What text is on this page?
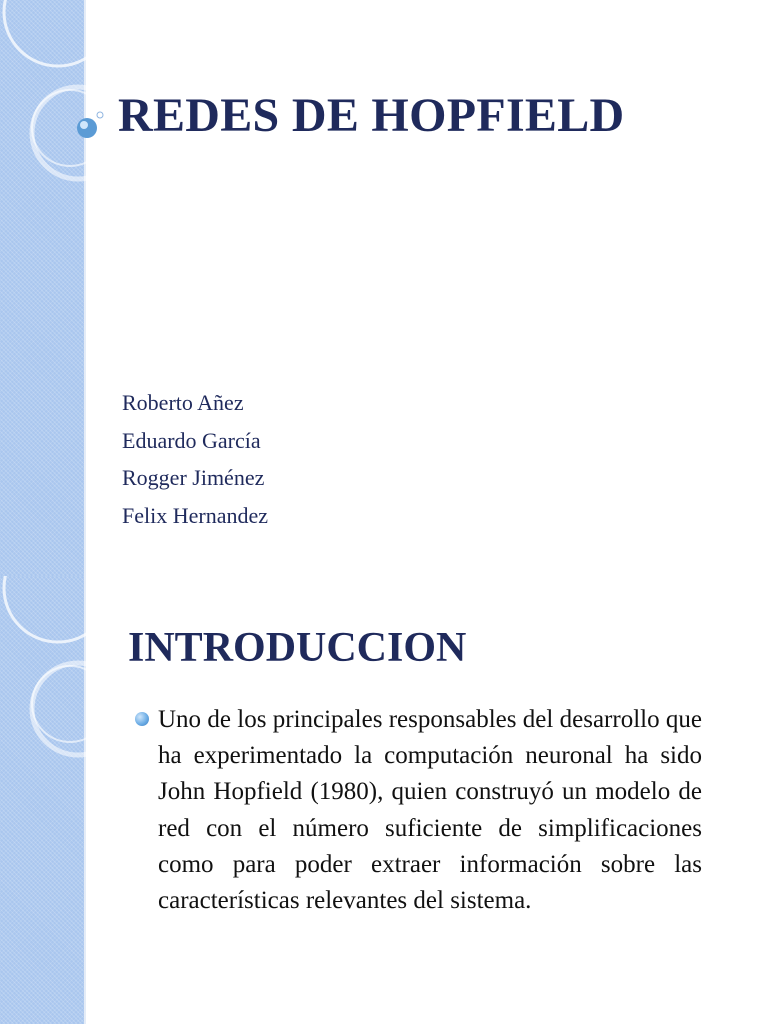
REDES DE HOPFIELD
Roberto Añez
Eduardo García
Rogger Jiménez
Felix Hernandez
INTRODUCCION

Uno de los principales responsables del desarrollo que ha experimentado la computación neuronal ha sido John Hopfield (1980), quien construyó un modelo de red con el número suficiente de simplificaciones como para poder extraer información sobre las características relevantes del sistema.
